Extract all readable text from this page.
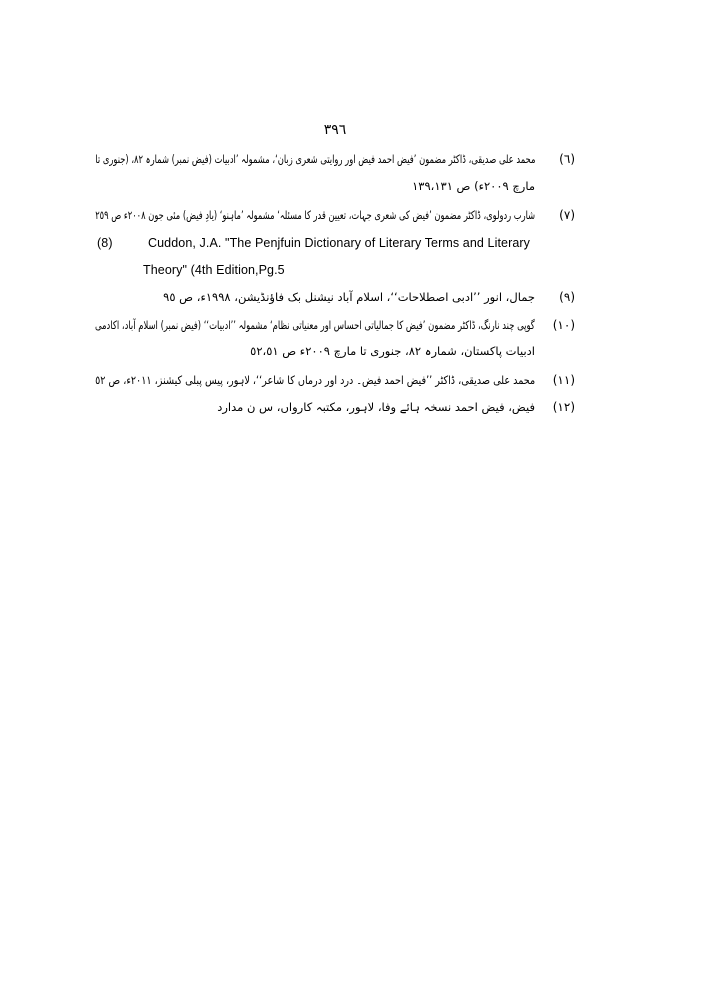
٣٩٦
(٦)
محمد علی صدیقی، ڈاکٹر مضمون ’فیض احمد فیض اور روایتی شعری زبان‘، مشمولہ ’ادبیات (فیض نمبر) شمارہ ٨٢، (جنوری تا
مارچ ٢٠٠٩ء) ص ١٣٩،١٣١
(٧)
شارب ردولوی، ڈاکٹر مضمون ’فیض کی شعری جہات، تعیین قدر کا مسئلہ‘ مشمولہ ’ماہنو‘ (یادِ فیض) مئی جون ٢٠٠٨ء ص ٢٥٩
(8)	Cuddon, J.A. "The Penjfuin Dictionary of Literary Terms and Literary
Theory" (4th Edition,Pg.5
(٩)
جمال، انور ’’ادبی اصطلاحات‘‘، اسلام آباد نیشنل بک فاؤنڈیشن، ١٩٩٨ء، ص ٩٥
(١٠)
گوپی چند نارنگ، ڈاکٹر مضمون ’فیض کا جمالیاتی احساس اور معنیاتی نظام‘ مشمولہ ’’ادبیات‘‘ (فیض نمبر) اسلام آباد، اکادمی
ادبیات پاکستان، شمارہ ٨٢، جنوری تا مارچ ٢٠٠٩ء ص ٥٢،٥١
(١١)
محمد علی صدیقی، ڈاکٹر ’’فیض احمد فیض۔ درد اور درماں کا شاعر‘‘، لاہور، پیس پبلی کیشنز، ٢٠١١ء، ص ٥٢
(١٢)
فیض، فیض احمد نسخہ ہائے وفا، لاہور، مکتبہ کارواں، س ن مدارد
